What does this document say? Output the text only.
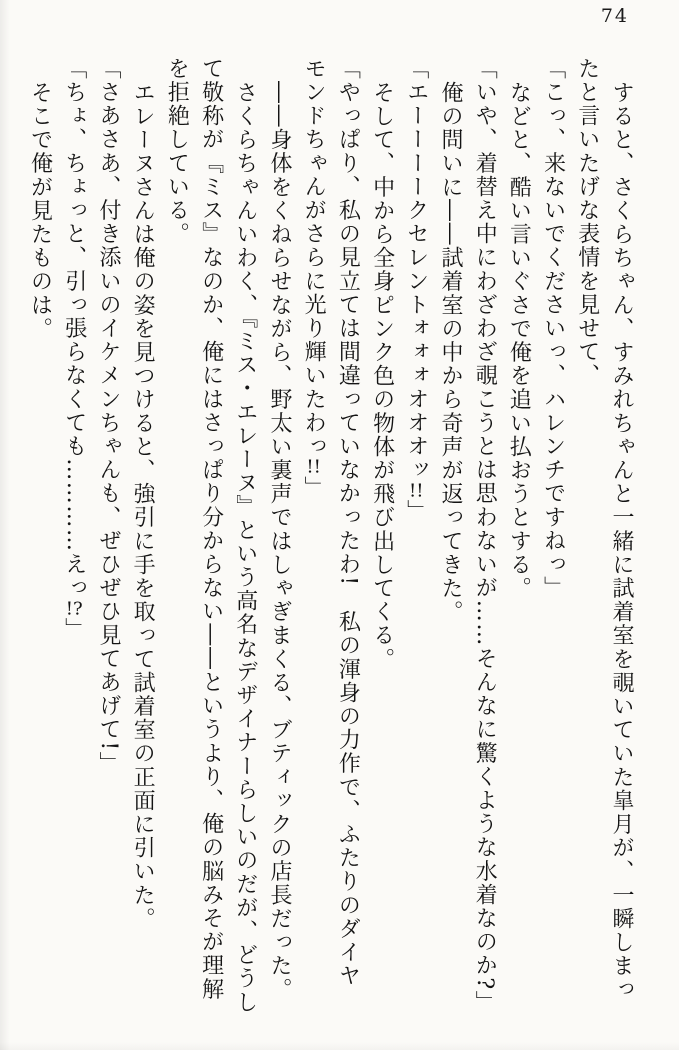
74

すると、さくらちゃん、すみれちゃんと一緒に試着室を覗いていた皐月が、一瞬しまっ

たと言いたげな表情を見せて、

「こっ、来ないでくださいっ、ハレンチですねっ」

などと、酷い言いぐさで俺を追い払おうとする。

「いや、着替え中にわざわざ覗こうとは思わないが……そんなに驚くような水着なのか?」

俺の問いに――試着室の中から奇声が返ってきた。

「エーーーークセレントォォォオオオッ!!」

そして、中から全身ピンク色の物体が飛び出してくる。

「やっぱり、私の見立ては間違っていなかったわ!　私の渾身の力作で、ふたりのダイヤ

モンドちゃんがさらに光り輝いたわっ!!」

――身体をくねらせながら、野太い裏声ではしゃぎまくる、ブティックの店長だった。

さくらちゃんいわく、『ミス・エレーヌ』という高名なデザイナーらしいのだが、どうし

て敬称が『ミス』なのか、俺にはさっぱり分からない――というより、俺の脳みそが理解

を拒絶している。

エレーヌさんは俺の姿を見つけると、強引に手を取って試着室の正面に引いた。

「さあさあ、付き添いのイケメンちゃんも、ぜひぜひ見てあげて!」

「ちょ、ちょっと、引っ張らなくても…………えっ!?」

そこで俺が見たものは。
